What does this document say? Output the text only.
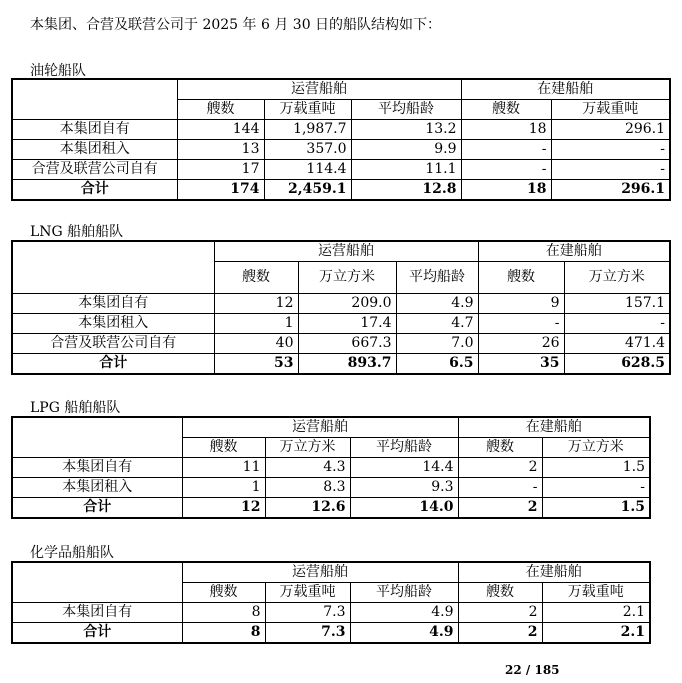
本集团、合营及联营公司于 2025 年 6 月 30 日的船队结构如下：
油轮船队
	运营船舶			在建船舶	
	艘数	万载重吨	平均船龄	艘数	万载重吨
本集团自有	144	1,987.7	13.2	18	296.1
本集团租入	13	357.0	9.9	-	-
合营及联营公司自有	17	114.4	11.1	-	-
合计	174	2,459.1	12.8	18	296.1
LNG 船舶船队
	运营船舶			在建船舶	
	艘数	万立方米	平均船龄	艘数	万立方米
本集团自有	12	209.0	4.9	9	157.1
本集团租入	1	17.4	4.7	-	-
合营及联营公司自有	40	667.3	7.0	26	471.4
合计	53	893.7	6.5	35	628.5
LPG 船舶船队
	运营船舶			在建船舶	
	艘数	万立方米	平均船龄	艘数	万立方米
本集团自有	11	4.3	14.4	2	1.5
本集团租入	1	8.3	9.3	-	-
合计	12	12.6	14.0	2	1.5
化学品船船队
	运营船舶			在建船舶	
	艘数	万载重吨	平均船龄	艘数	万载重吨
本集团自有	8	7.3	4.9	2	2.1
合计	8	7.3	4.9	2	2.1
22 / 185
